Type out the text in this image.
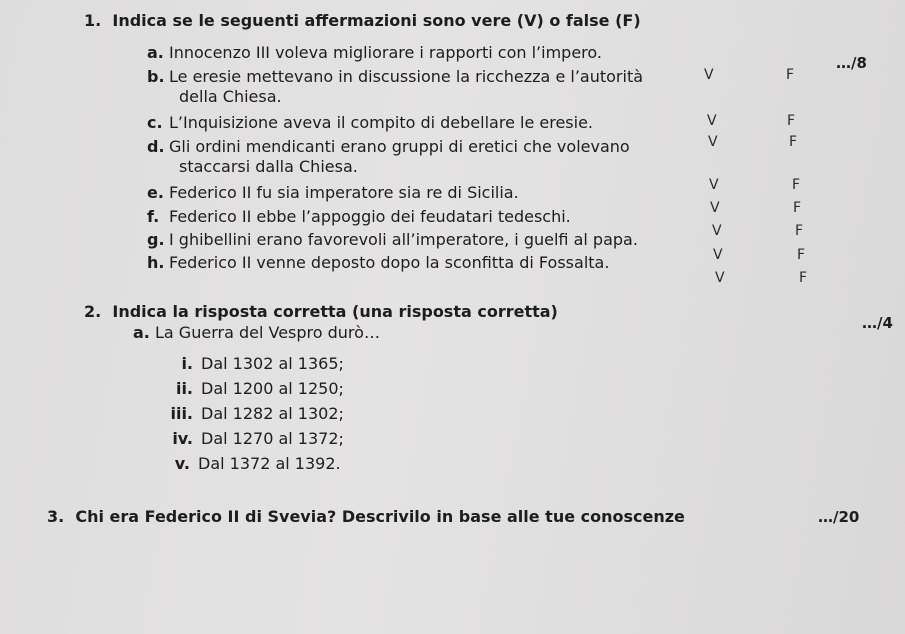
1. Indica se le seguenti affermazioni sono vere (V) o false (F)
…/8
a. Innocenzo III voleva migliorare i rapporti con l’impero.
V	F
b. Le eresie mettevano in discussione la ricchezza e l’autorità
della Chiesa.
V	F
c. L’Inquisizione aveva il compito di debellare le eresie.
V	F
d. Gli ordini mendicanti erano gruppi di eretici che volevano
staccarsi dalla Chiesa.
V	F
e. Federico II fu sia imperatore sia re di Sicilia.
V	F
f. Federico II ebbe l’appoggio dei feudatari tedeschi.
V	F
g. I ghibellini erano favorevoli all’imperatore, i guelfi al papa.
V	F
h. Federico II venne deposto dopo la sconfitta di Fossalta.
V	F
2. Indica la risposta corretta (una risposta corretta)
…/4
a. La Guerra del Vespro durò…
i. Dal 1302 al 1365;
ii. Dal 1200 al 1250;
iii. Dal 1282 al 1302;
iv. Dal 1270 al 1372;
v. Dal 1372 al 1392.
3. Chi era Federico II di Svevia? Descrivilo in base alle tue conoscenze	…/20
